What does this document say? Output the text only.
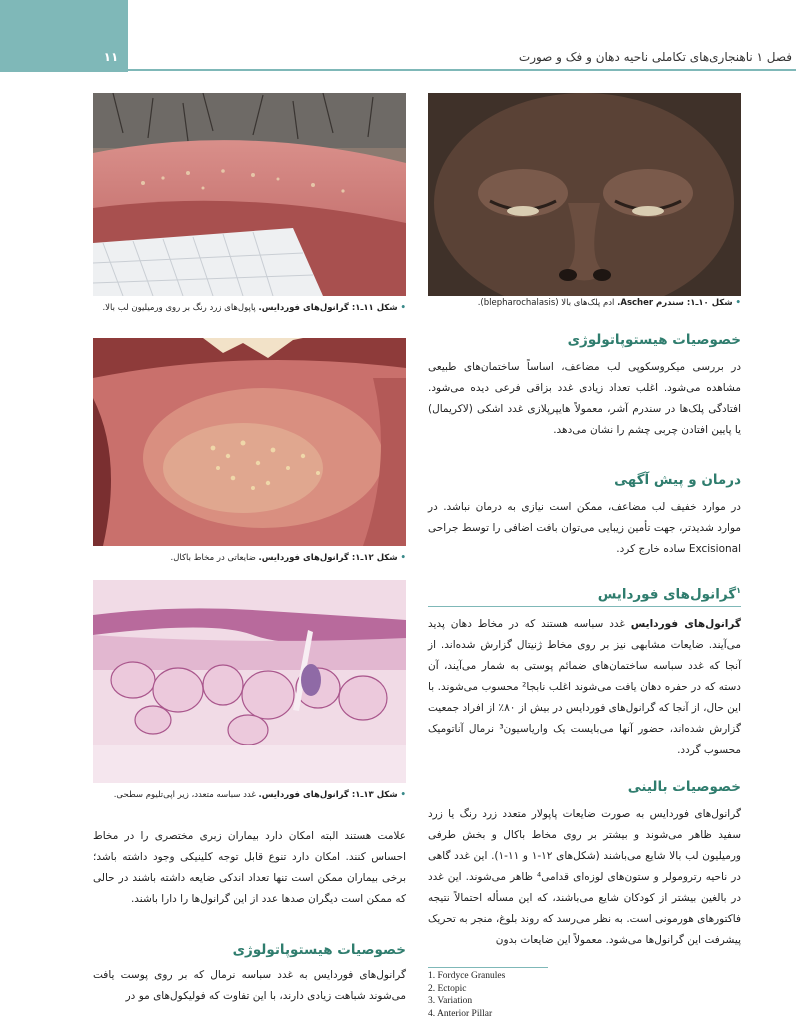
۱۱	فصل ۱ ناهنجاری‌های تکاملی ناحیه دهان و فک و صورت
• شکل ۱۱ـ۱: گرانول‌های فوردایس. پاپول‌های زرد رنگ بر روی ورمیلیون لب بالا.
• شکل ۱۲ـ۱: گرانول‌های فوردایس. ضایعاتی در مخاط باکال.
• شکل ۱۳ـ۱: گرانول‌های فوردایس. غدد سباسه متعدد، زیر اپی‌تلیوم سطحی.
• شکل ۱۰ـ۱: سندرم Ascher. ادم پلک‌های بالا (blepharochalasis).
خصوصیات هیستوپاتولوژی
در بررسی میکروسکوپی لب مضاعف، اساساً ساختمان‌های طبیعی مشاهده می‌شود. اغلب تعداد زیادی غدد بزاقی فرعی دیده می‌شود. افتادگی پلک‌ها در سندرم آشر، معمولاً هایپرپلازی غدد اشکی (لاکریمال) یا پایین افتادن چربی چشم را نشان می‌دهد.
درمان و پیش آگهی
در موارد خفیف لب مضاعف، ممکن است نیازی به درمان نباشد. در موارد شدیدتر، جهت تأمین زیبایی می‌توان بافت اضافی را توسط جراحی Excisional ساده خارج کرد.
$^۱$گرانول‌های فوردایس
گرانول‌های فوردایس غدد سباسه هستند که در مخاط دهان پدید می‌آیند. ضایعات مشابهی نیز بر روی مخاط ژنیتال گزارش شده‌اند. از آنجا که غدد سباسه ساختمان‌های ضمائم پوستی به شمار می‌آیند، آن دسته که در حفره دهان یافت می‌شوند اغلب نابجا² محسوب می‌شوند. با این حال، از آنجا که گرانول‌های فوردایس در بیش از ۸۰٪ از افراد جمعیت گزارش شده‌اند، حضور آنها می‌بایست یک واریاسیون³ نرمال آناتومیک محسوب گردد.
خصوصیات بالینی
گرانول‌های فوردایس به صورت ضایعات پاپولار متعدد زرد رنگ یا زرد سفید ظاهر می‌شوند و بیشتر بر روی مخاط باکال و بخش طرفی ورمیلیون لب بالا شایع می‌باشند (شکل‌های ۱۲-۱ و ۱۱-۱). این غدد گاهی در ناحیه رترومولر و ستون‌های لوزه‌ای قدامی⁴ ظاهر می‌شوند. این غدد در بالغین بیشتر از کودکان شایع می‌باشند، که این مسأله احتمالاً نتیجه فاکتورهای هورمونی است. به نظر می‌رسد که روند بلوغ، منجر به تحریک پیشرفت این گرانول‌ها می‌شود. معمولاً این ضایعات بدون
1. Fordyce Granules
2. Ectopic
3. Variation
4. Anterior Pillar
علامت هستند البته امکان دارد بیماران زبری مختصری را در مخاط احساس کنند. امکان دارد تنوع قابل توجه کلینیکی وجود داشته باشد؛ برخی بیماران ممکن است تنها تعداد اندکی ضایعه داشته باشند در حالی که ممکن است دیگران صدها عدد از این گرانول‌ها را دارا باشند.
خصوصیات هیستوپاتولوژی
گرانول‌های فوردایس به غدد سباسه نرمال که بر روی پوست یافت می‌شوند شباهت زیادی دارند، با این تفاوت که فولیکول‌های مو در
